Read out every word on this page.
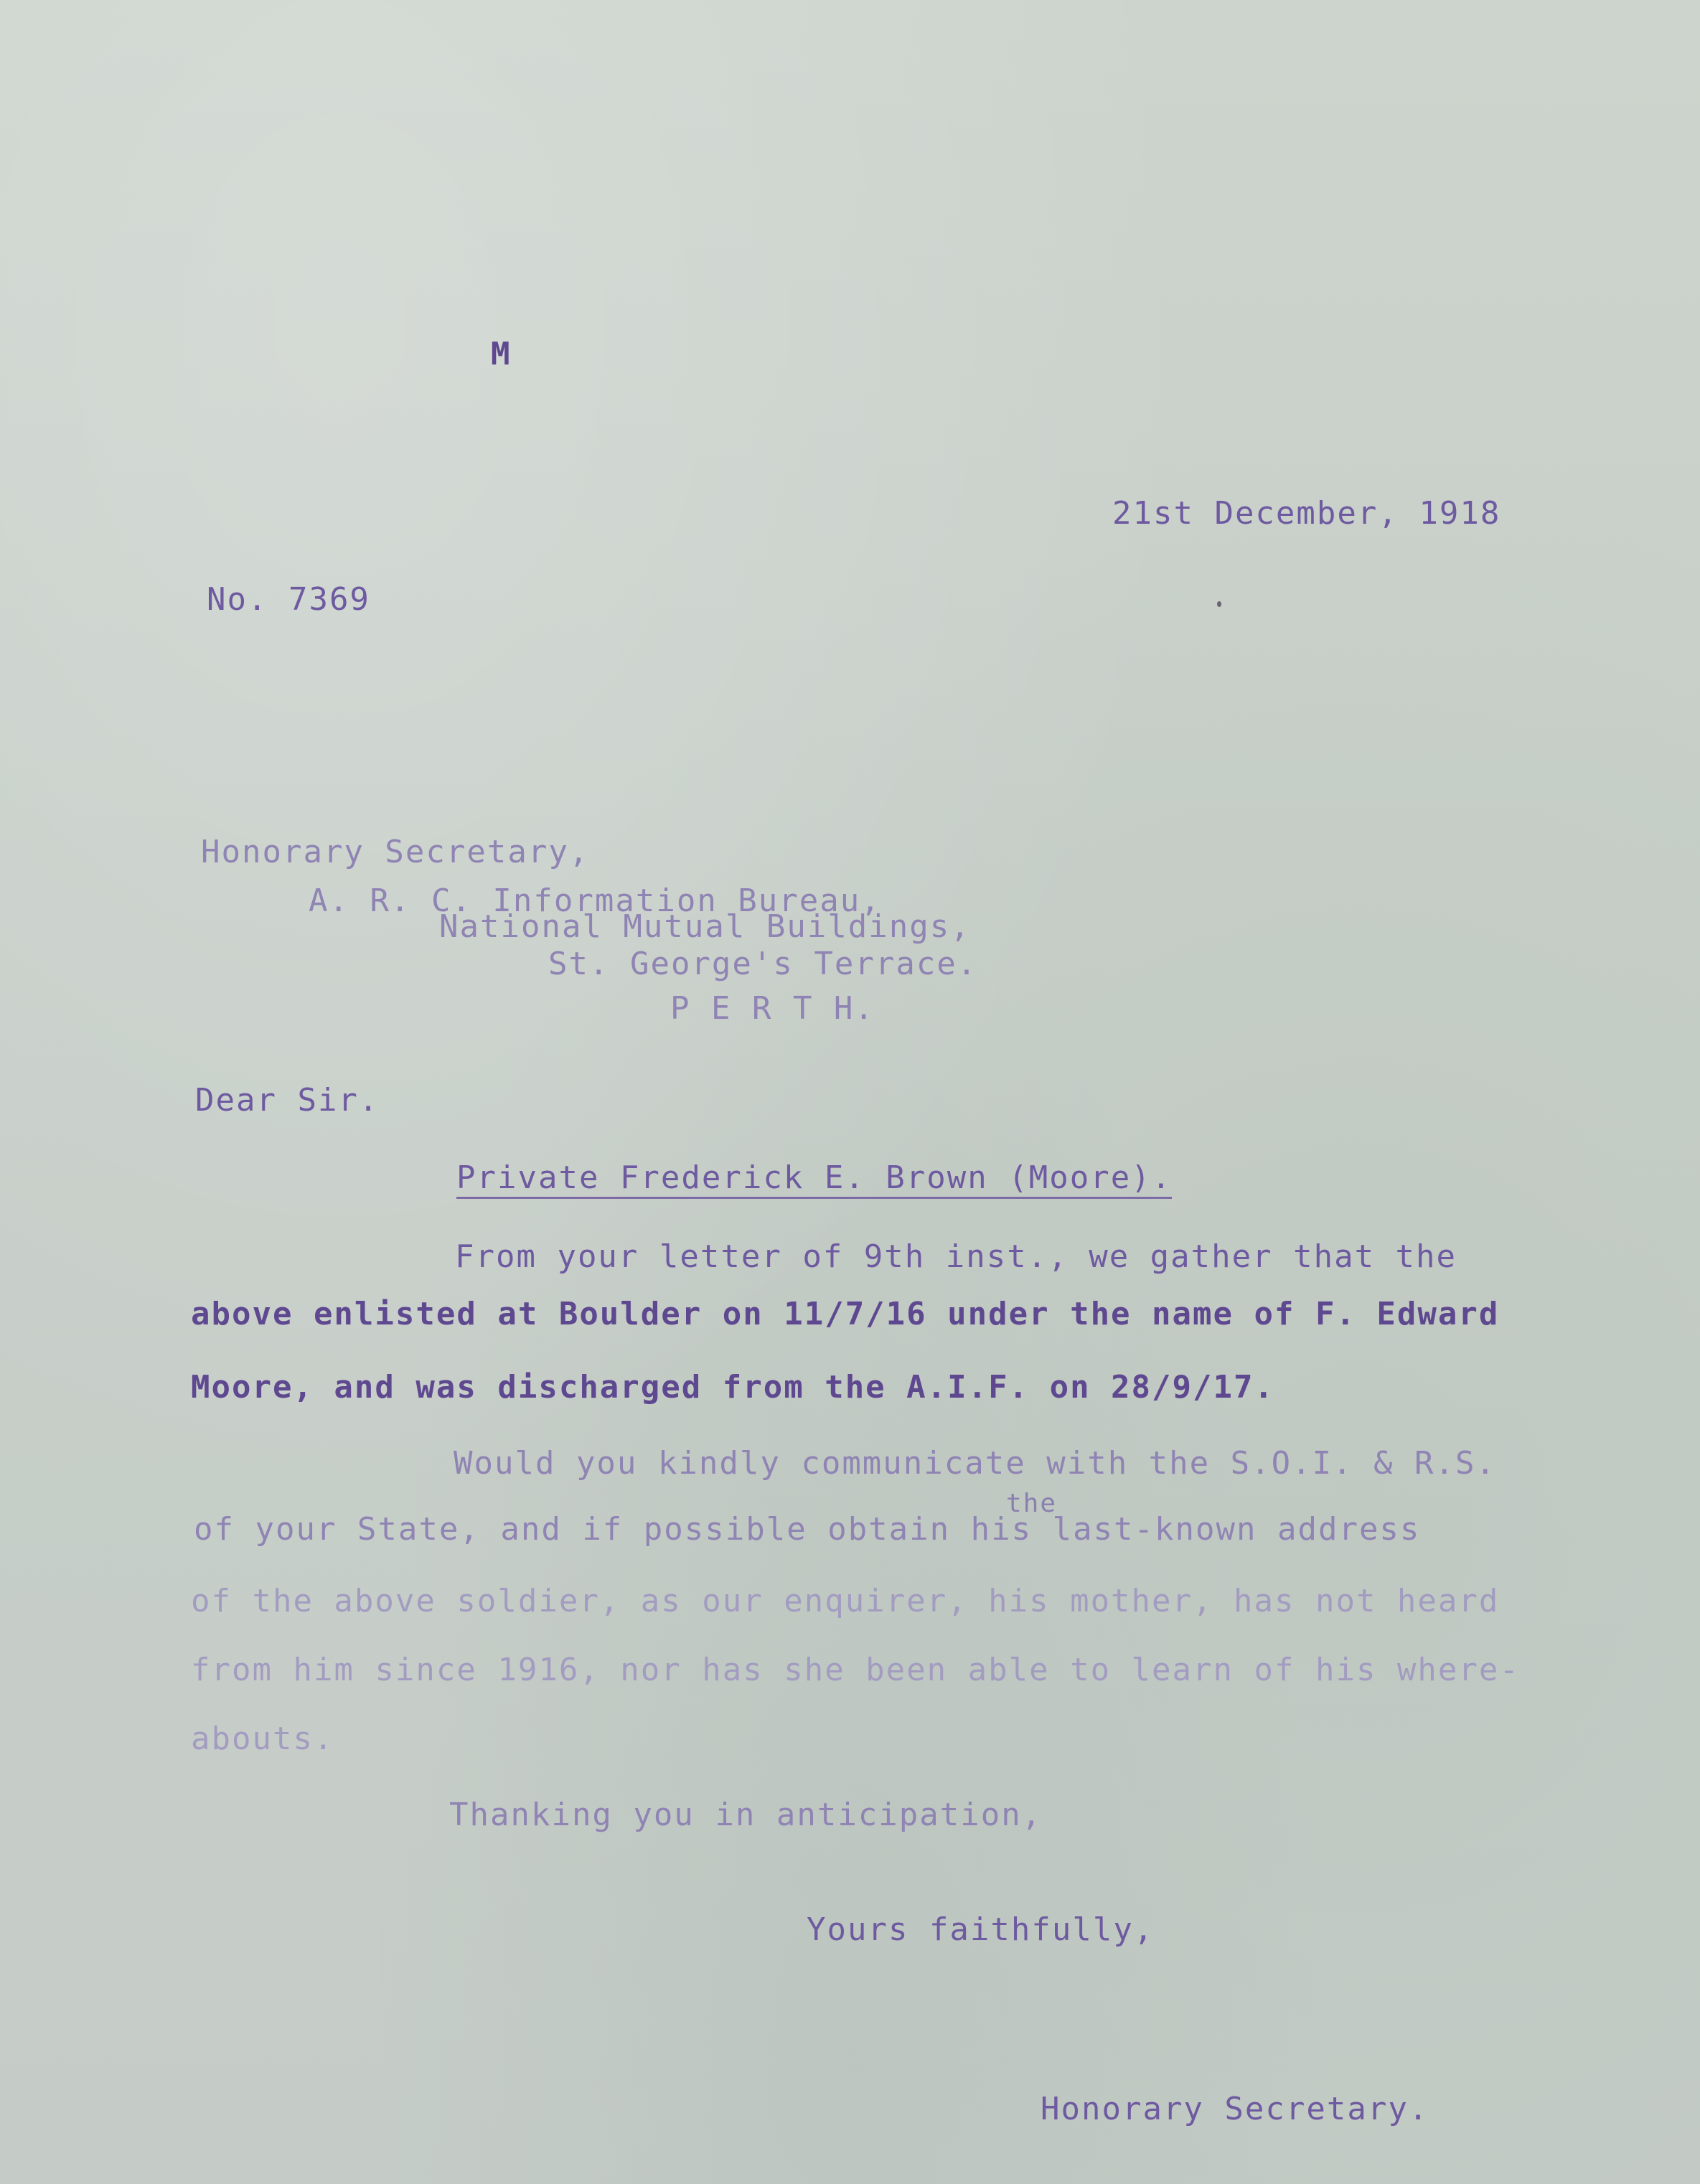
M
21st December, 1918
No. 7369
Honorary Secretary,
A. R. C. Information Bureau,
National Mutual Buildings,
St. George's Terrace.
P E R T H.
Dear Sir.
Private Frederick E. Brown (Moore).
From your letter of 9th inst., we gather that the
above enlisted at Boulder on 11/7/16 under the name of F. Edward
Moore, and was discharged from the A.I.F. on 28/9/17.
Would you kindly communicate with the S.O.I. & R.S.
the
of your State, and if possible obtain his last-known address
of the above soldier, as our enquirer, his mother, has not heard
from him since 1916, nor has she been able to learn of his where-
abouts.
Thanking you in anticipation,
Yours faithfully,
Honorary Secretary.
